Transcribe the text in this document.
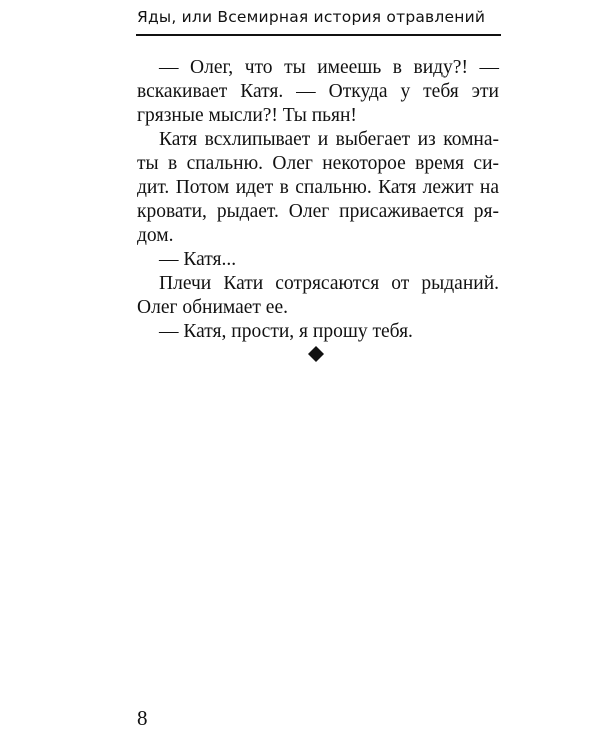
Яды, или Всемирная история отравлений
— Олег, что ты имеешь в виду?! —
вскакивает Катя. — Откуда у тебя эти
грязные мысли?! Ты пьян!
Катя всхлипывает и выбегает из комна-
ты в спальню. Олег некоторое время си-
дит. Потом идет в спальню. Катя лежит на
кровати, рыдает. Олег присаживается ря-
дом.
— Катя...
Плечи Кати сотрясаются от рыданий.
Олег обнимает ее.
— Катя, прости, я прошу тебя.
8
